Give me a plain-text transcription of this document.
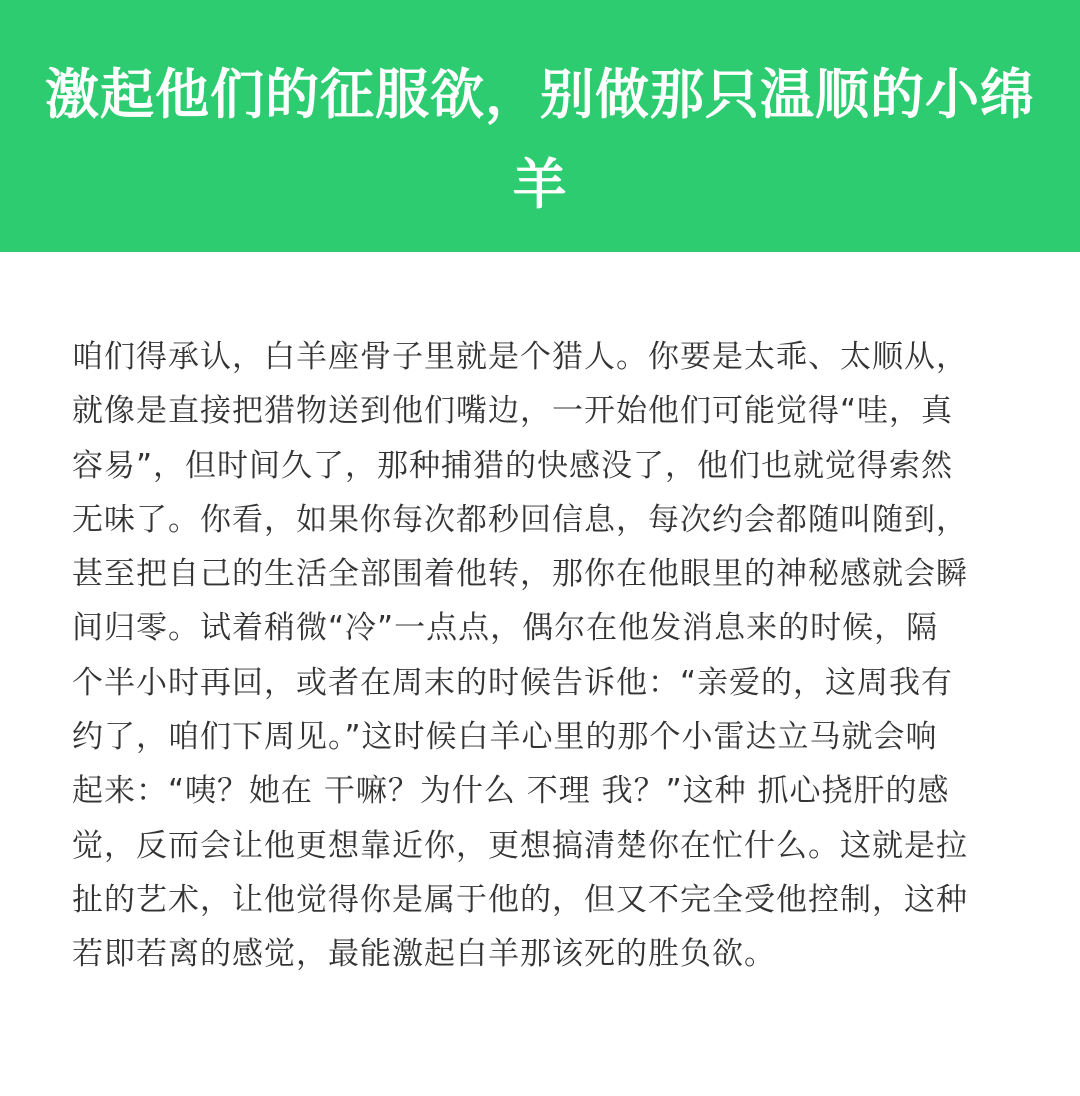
激起他们的征服欲，别做那只温顺的小绵羊

咱们得承认，白羊座骨子里就是个猎人。你要是太乖、太顺从，
就像是直接把猎物送到他们嘴边，一开始他们可能觉得“哇，真
容易”，但时间久了，那种捕猎的快感没了，他们也就觉得索然
无味了。你看，如果你每次都秒回信息，每次约会都随叫随到，
甚至把自己的生活全部围着他转，那你在他眼里的神秘感就会瞬
间归零。试着稍微“冷”一点点，偶尔在他发消息来的时候，隔
个半小时再回，或者在周末的时候告诉他：“亲爱的，这周我有
约了，咱们下周见。”这时候白羊心里的那个小雷达立马就会响
起来：“咦？她在 干嘛？为什么 不理 我？”这种 抓心挠肝的感
觉，反而会让他更想靠近你，更想搞清楚你在忙什么。这就是拉
扯的艺术，让他觉得你是属于他的，但又不完全受他控制，这种
若即若离的感觉，最能激起白羊那该死的胜负欲。
